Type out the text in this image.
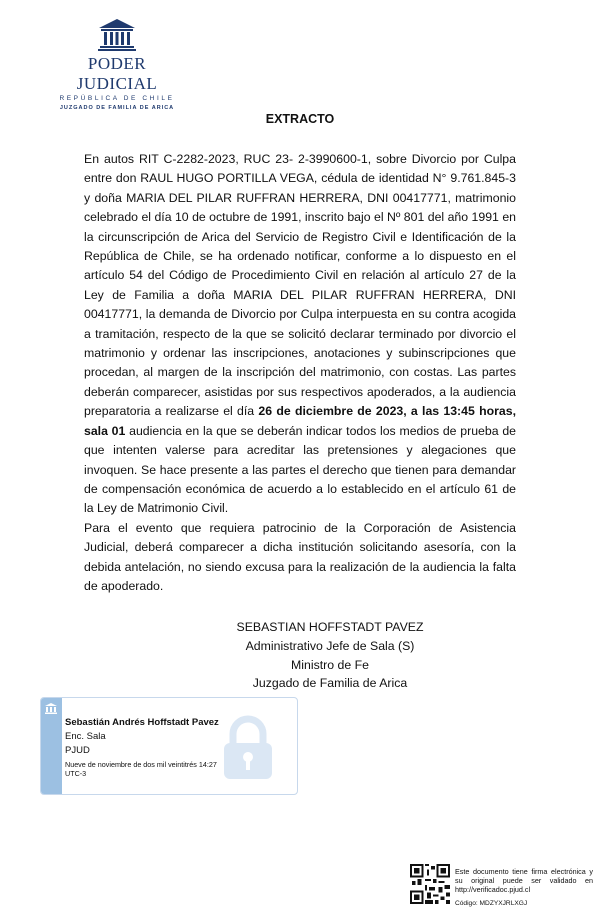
PODER JUDICIAL
REPÚBLICA DE CHILE
JUZGADO DE FAMILIA DE ARICA
EXTRACTO

En autos RIT C-2282-2023, RUC 23- 2-3990600-1, sobre Divorcio por Culpa entre don RAUL HUGO PORTILLA VEGA, cédula de identidad N° 9.761.845-3 y doña MARIA DEL PILAR RUFFRAN HERRERA, DNI 00417771, matrimonio celebrado el día 10 de octubre de 1991, inscrito bajo el Nº 801 del año 1991 en la circunscripción de Arica del Servicio de Registro Civil e Identificación de la República de Chile, se ha ordenado notificar, conforme a lo dispuesto en el artículo 54 del Código de Procedimiento Civil en relación al artículo 27 de la Ley de Familia a doña MARIA DEL PILAR RUFFRAN HERRERA, DNI 00417771, la demanda de Divorcio por Culpa interpuesta en su contra acogida a tramitación, respecto de la que se solicitó declarar terminado por divorcio el matrimonio y ordenar las inscripciones, anotaciones y subinscripciones que procedan, al margen de la inscripción del matrimonio, con costas. Las partes deberán comparecer, asistidas por sus respectivos apoderados, a la audiencia preparatoria a realizarse el día 26 de diciembre de 2023, a las 13:45 horas, sala 01 audiencia en la que se deberán indicar todos los medios de prueba de que intenten valerse para acreditar las pretensiones y alegaciones que invoquen. Se hace presente a las partes el derecho que tienen para demandar de compensación económica de acuerdo a lo establecido en el artículo 61 de la Ley de Matrimonio Civil.

Para el evento que requiera patrocinio de la Corporación de Asistencia Judicial, deberá comparecer a dicha institución solicitando asesoría, con la debida antelación, no siendo excusa para la realización de la audiencia la falta de apoderado.

SEBASTIAN HOFFSTADT PAVEZ
Administrativo Jefe de Sala (S)
Ministro de Fe
Juzgado de Familia de Arica
Sebastián Andrés Hoffstadt Pavez
Enc. Sala
PJUD
Nueve de noviembre de dos mil veintitrés 14:27 UTC-3
Este documento tiene firma electrónica y su original puede ser validado en http://verificadoc.pjud.cl
Código: MDZYXJRLXGJ
